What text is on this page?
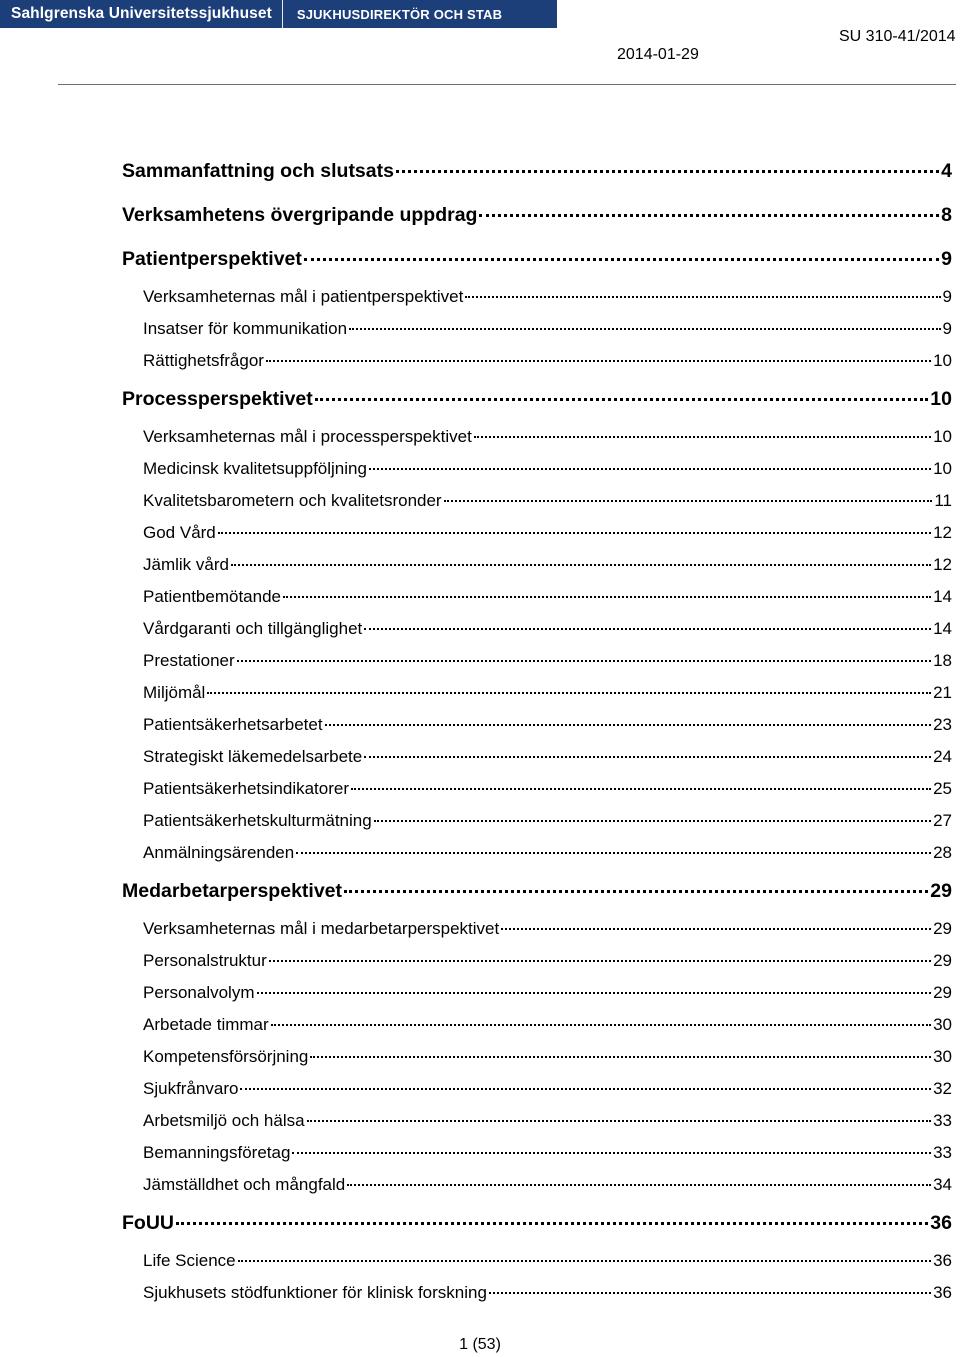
Sahlgrenska Universitetssjukhuset	SJUKHUSDIREKTÖR OCH STAB
2014-01-29
SU 310-41/2014
Sammanfattning och slutsats	4
Verksamhetens övergripande uppdrag	8
Patientperspektivet	9
Verksamheternas mål i patientperspektivet	9
Insatser för kommunikation	9
Rättighetsfrågor	10
Processperspektivet	10
Verksamheternas mål i processperspektivet	10
Medicinsk kvalitetsuppföljning	10
Kvalitetsbarometern och kvalitetsronder	11
God Vård	12
Jämlik vård	12
Patientbemötande	14
Vårdgaranti och tillgänglighet	14
Prestationer	18
Miljömål	21
Patientsäkerhetsarbetet	23
Strategiskt läkemedelsarbete	24
Patientsäkerhetsindikatorer	25
Patientsäkerhetskulturmätning	27
Anmälningsärenden	28
Medarbetarperspektivet	29
Verksamheternas mål i medarbetarperspektivet	29
Personalstruktur	29
Personalvolym	29
Arbetade timmar	30
Kompetensförsörjning	30
Sjukfrånvaro	32
Arbetsmiljö och hälsa	33
Bemanningsföretag	33
Jämställdhet och mångfald	34
FoUU	36
Life Science	36
Sjukhusets stödfunktioner för klinisk forskning	36
1 (53)
